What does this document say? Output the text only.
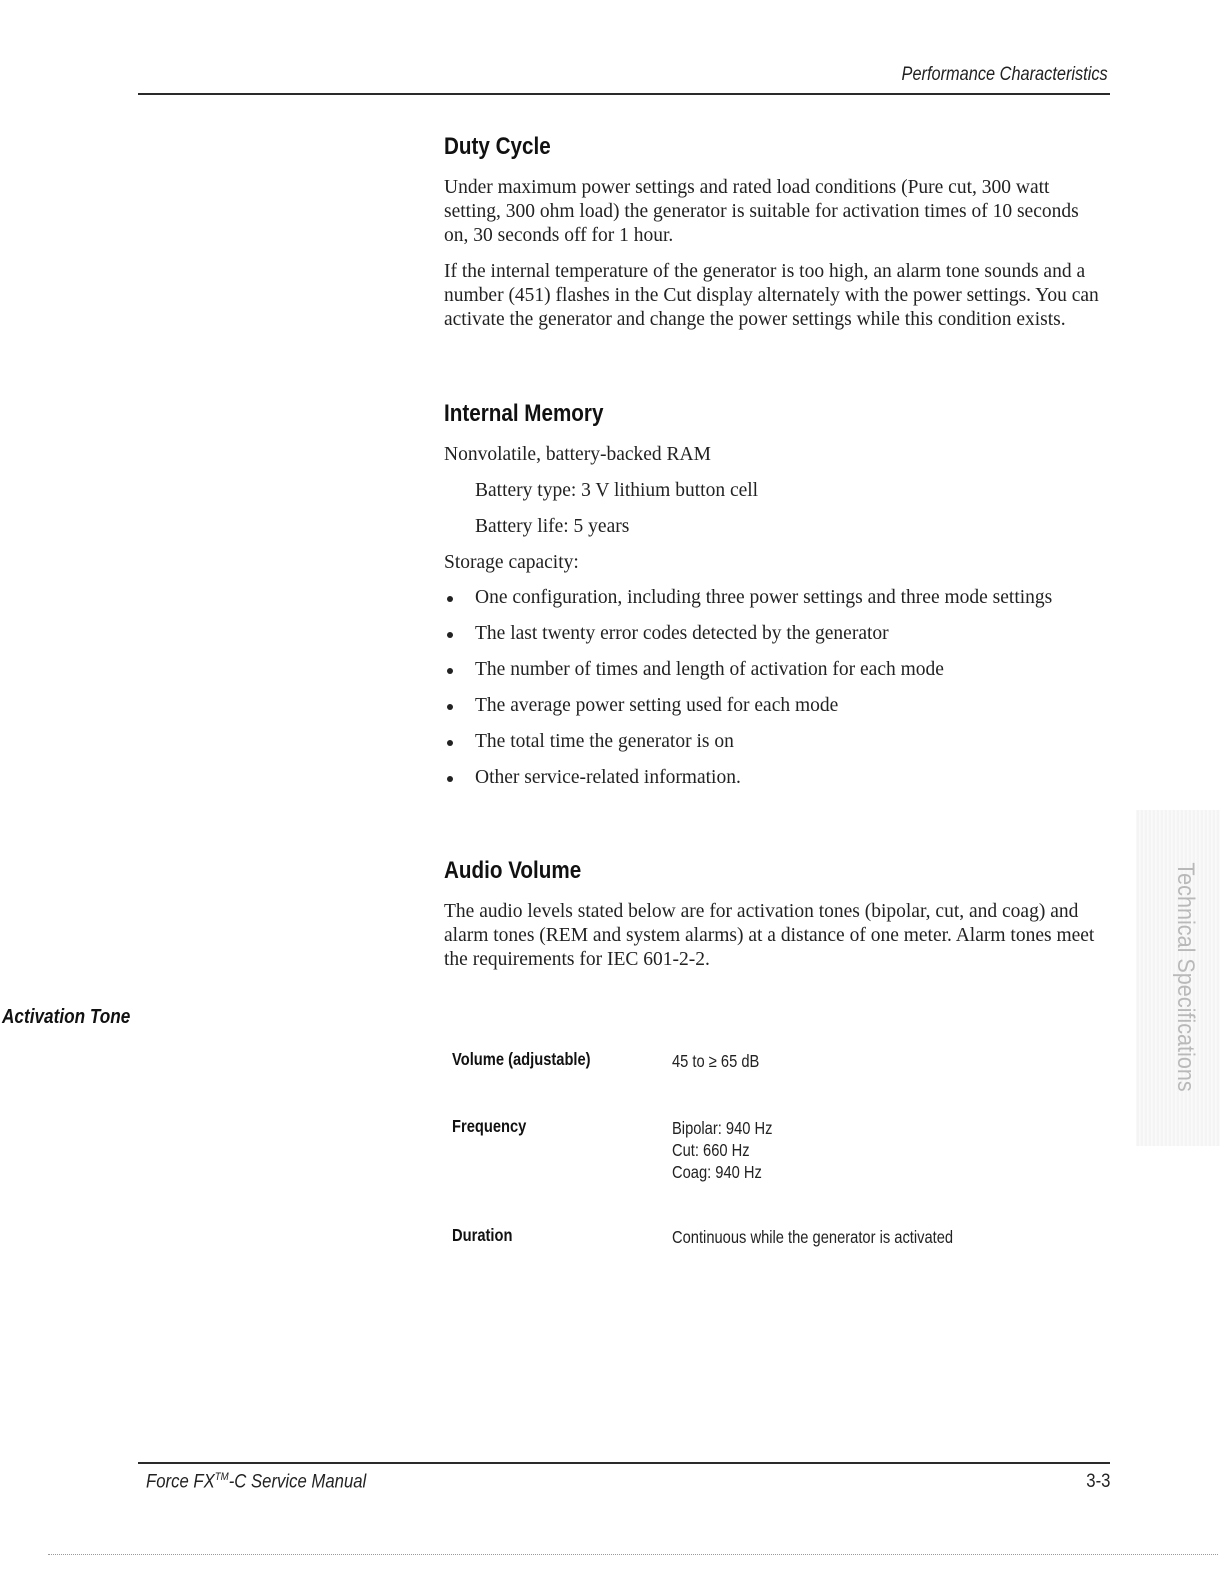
Performance Characteristics
Duty Cycle

Under maximum power settings and rated load conditions (Pure cut, 300 watt setting, 300 ohm load) the generator is suitable for activation times of 10 seconds on, 30 seconds off for 1 hour.

If the internal temperature of the generator is too high, an alarm tone sounds and a number (451) flashes in the Cut display alternately with the power settings. You can activate the generator and change the power settings while this condition exists.

Internal Memory

Nonvolatile, battery-backed RAM

Battery type: 3 V lithium button cell

Battery life: 5 years

Storage capacity:

One configuration, including three power settings and three mode settings
The last twenty error codes detected by the generator
The number of times and length of activation for each mode
The average power setting used for each mode
The total time the generator is on
Other service-related information.
Audio Volume

The audio levels stated below are for activation tones (bipolar, cut, and coag) and alarm tones (REM and system alarms) at a distance of one meter. Alarm tones meet the requirements for IEC 601-2-2.

Activation Tone
Volume (adjustable)	45 to ≥ 65 dB
Frequency	Bipolar: 940 Hz
Cut: 660 Hz
Coag: 940 Hz
Duration	Continuous while the generator is activated
Technical Specifications
Force FX™-C Service Manual	3-3
